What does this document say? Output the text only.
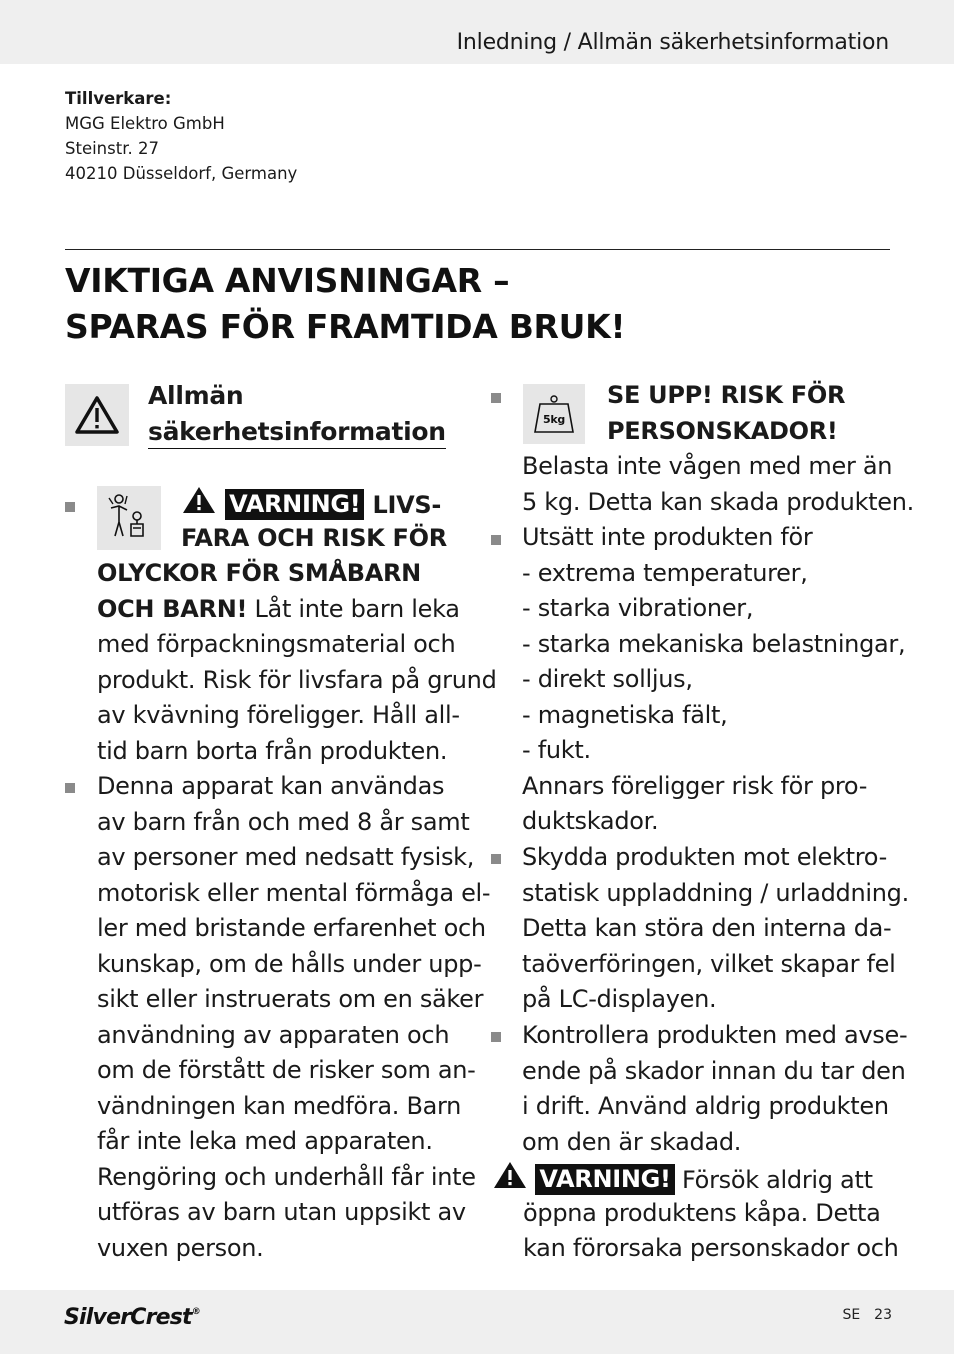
Inledning / Allmän säkerhetsinformation
Tillverkare:
MGG Elektro GmbH
Steinstr. 27
40210 Düsseldorf, Germany
VIKTIGA ANVISNINGAR –
SPARAS FÖR FRAMTIDA BRUK!
Allmän
säkerhetsinformation
VARNING! LIVS-
FARA OCH RISK FÖR
OLYCKOR FÖR SMÅBARN
OCH BARN! Låt inte barn leka
med förpackningsmaterial och
produkt. Risk för livsfara på grund
av kvävning föreligger. Håll all-
tid barn borta från produkten.
Denna apparat kan användas
av barn från och med 8 år samt
av personer med nedsatt fysisk,
motorisk eller mental förmåga el-
ler med bristande erfarenhet och
kunskap, om de hålls under upp-
sikt eller instruerats om en säker
användning av apparaten och
om de förstått de risker som an-
vändningen kan medföra. Barn
får inte leka med apparaten.
Rengöring och underhåll får inte
utföras av barn utan uppsikt av
vuxen person.
5kg
SE UPP! RISK FÖR
PERSONSKADOR!
Belasta inte vågen med mer än
5 kg. Detta kan skada produkten.
Utsätt inte produkten för
- extrema temperaturer,
- starka vibrationer,
- starka mekaniska belastningar,
- direkt solljus,
- magnetiska fält,
- fukt.
Annars föreligger risk för pro-
duktskador.
Skydda produkten mot elektro-
statisk uppladdning / urladdning.
Detta kan störa den interna da-
taöverföringen, vilket skapar fel
på LC-displayen.
Kontrollera produkten med avse-
ende på skador innan du tar den
i drift. Använd aldrig produkten
om den är skadad.
VARNING! Försök aldrig att
öppna produktens kåpa. Detta
kan förorsaka personskador och
SilverCrest®	SE 23
